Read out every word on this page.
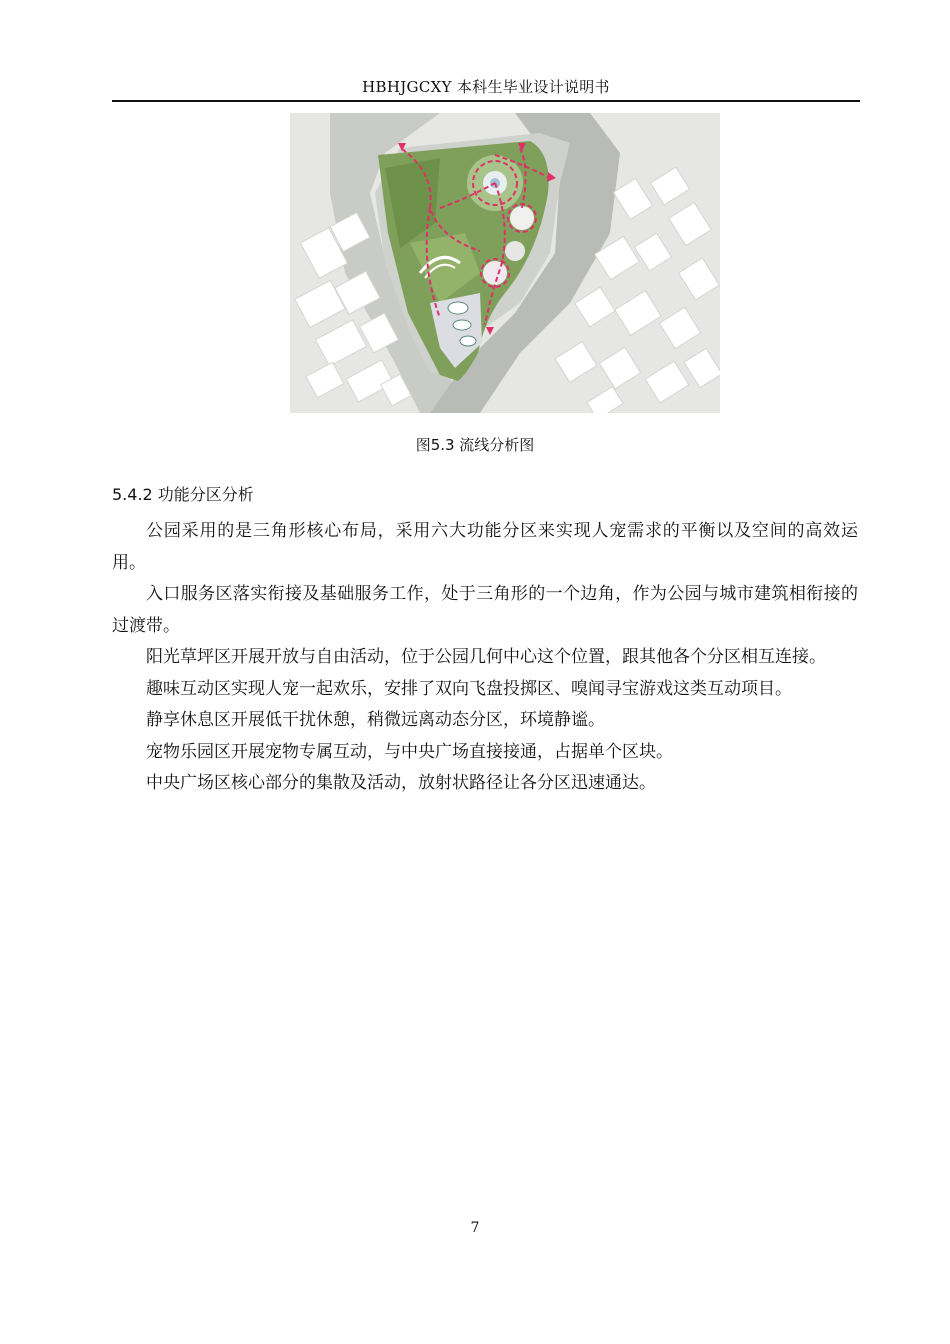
HBHJGCXY 本科生毕业设计说明书
图5.3 流线分析图
5.4.2 功能分区分析

公园采用的是三角形核心布局，采用六大功能分区来实现人宠需求的平衡以及空间的高效运用。

入口服务区落实衔接及基础服务工作，处于三角形的一个边角，作为公园与城市建筑相衔接的过渡带。

阳光草坪区开展开放与自由活动，位于公园几何中心这个位置，跟其他各个分区相互连接。

趣味互动区实现人宠一起欢乐，安排了双向飞盘投掷区、嗅闻寻宝游戏这类互动项目。

静享休息区开展低干扰休憩，稍微远离动态分区，环境静谧。

宠物乐园区开展宠物专属互动，与中央广场直接接通，占据单个区块。

中央广场区核心部分的集散及活动，放射状路径让各分区迅速通达。

7
